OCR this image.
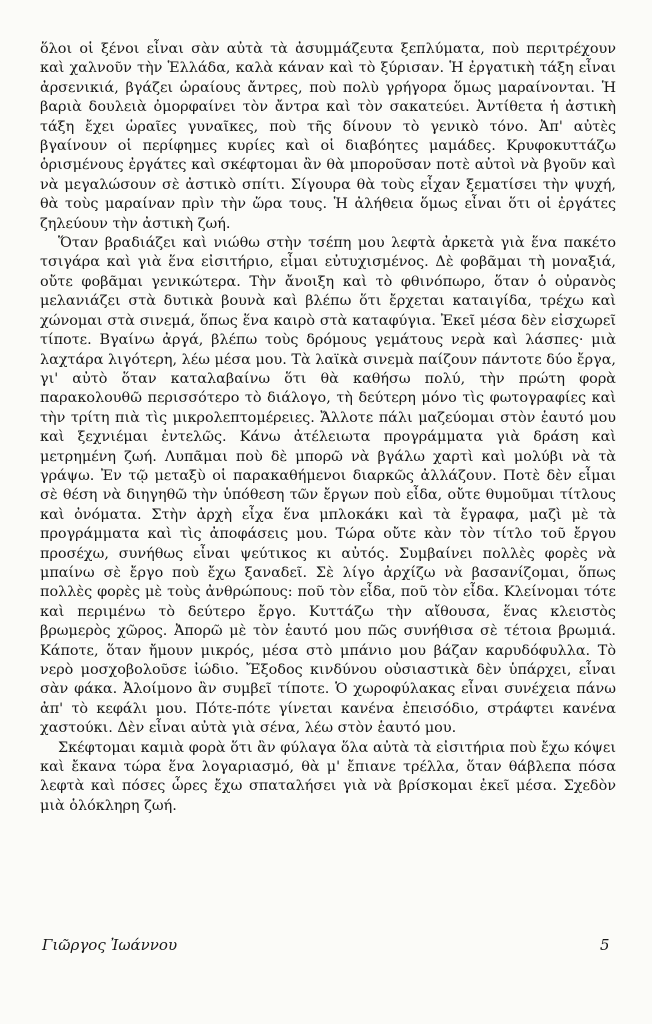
ὅλοι οἱ ξένοι εἶναι σὰν αὐτὰ τὰ ἀσυμμάζευτα ξεπλύματα, ποὺ περιτρέχουν καὶ χαλνοῦν τὴν Ἑλλάδα, καλὰ κάναν καὶ τὸ ξύρισαν. Ἡ ἐργατικὴ τάξη εἶναι ἀρσενικιά, βγάζει ὡραίους ἄντρες, ποὺ πολὺ γρήγορα ὅμως μαραίνονται. Ἡ βαριὰ δουλειὰ ὀμορφαίνει τὸν ἄντρα καὶ τὸν σακατεύει. Ἀντίθετα ἡ ἀστικὴ τάξη ἔχει ὡραῖες γυναῖκες, ποὺ τῆς δίνουν τὸ γενικὸ τόνο. Ἀπ' αὐτὲς βγαίνουν οἱ περίφημες κυρίες καὶ οἱ διαβόητες μαμάδες. Κρυφοκυττάζω ὁρισμένους ἐργάτες καὶ σκέφτομαι ἂν θὰ μποροῦσαν ποτὲ αὐτοὶ νὰ βγοῦν καὶ νὰ μεγαλώσουν σὲ ἀστικὸ σπίτι. Σίγουρα θὰ τοὺς εἶχαν ξεματίσει τὴν ψυχή, θὰ τοὺς μαραίναν πρὶν τὴν ὥρα τους. Ἡ ἀλήθεια ὅμως εἶναι ὅτι οἱ ἐργάτες ζηλεύουν τὴν ἀστικὴ ζωή.

Ὅταν βραδιάζει καὶ νιώθω στὴν τσέπη μου λεφτὰ ἀρκετὰ γιὰ ἕνα πακέτο τσιγάρα καὶ γιὰ ἕνα εἰσιτήριο, εἶμαι εὐτυχισμένος. Δὲ φοβᾶμαι τὴ μοναξιά, οὔτε φοβᾶμαι γενικώτερα. Τὴν ἄνοιξη καὶ τὸ φθινόπωρο, ὅταν ὁ οὐρανὸς μελανιάζει στὰ δυτικὰ βουνὰ καὶ βλέπω ὅτι ἔρχεται καταιγίδα, τρέχω καὶ χώνομαι στὰ σινεμά, ὅπως ἕνα καιρὸ στὰ καταφύγια. Ἐκεῖ μέσα δὲν εἰσχωρεῖ τίποτε. Βγαίνω ἀργά, βλέπω τοὺς δρόμους γεμάτους νερὰ καὶ λάσπες· μιὰ λαχτάρα λιγότερη, λέω μέσα μου. Τὰ λαϊκὰ σινεμὰ παίζουν πάντοτε δύο ἔργα, γι' αὐτὸ ὅταν καταλαβαίνω ὅτι θὰ καθήσω πολύ, τὴν πρώτη φορὰ παρακολουθῶ περισσότερο τὸ διάλογο, τὴ δεύτερη μόνο τὶς φωτογραφίες καὶ τὴν τρίτη πιὰ τὶς μικρολεπτομέρειες. Ἄλλοτε πάλι μαζεύομαι στὸν ἑαυτό μου καὶ ξεχνιέμαι ἐντελῶς. Κάνω ἀτέλειωτα προγράμματα γιὰ δράση καὶ μετρημένη ζωή. Λυπᾶμαι ποὺ δὲ μπορῶ νὰ βγάλω χαρτὶ καὶ μολύβι νὰ τὰ γράψω. Ἐν τῷ μεταξὺ οἱ παρακαθήμενοι διαρκῶς ἀλλάζουν. Ποτὲ δὲν εἶμαι σὲ θέση νὰ διηγηθῶ τὴν ὑπόθεση τῶν ἔργων ποὺ εἶδα, οὔτε θυμοῦμαι τίτλους καὶ ὀνόματα. Στὴν ἀρχὴ εἶχα ἕνα μπλοκάκι καὶ τὰ ἔγραφα, μαζὶ μὲ τὰ προγράμματα καὶ τὶς ἀποφάσεις μου. Τώρα οὔτε κὰν τὸν τίτλο τοῦ ἔργου προσέχω, συνήθως εἶναι ψεύτικος κι αὐτός. Συμβαίνει πολλὲς φορὲς νὰ μπαίνω σὲ ἔργο ποὺ ἔχω ξαναδεῖ. Σὲ λίγο ἀρχίζω νὰ βασανίζομαι, ὅπως πολλὲς φορὲς μὲ τοὺς ἀνθρώπους: ποῦ τὸν εἶδα, ποῦ τὸν εἶδα. Κλείνομαι τότε καὶ περιμένω τὸ δεύτερο ἔργο. Κυττάζω τὴν αἴθουσα, ἕνας κλειστὸς βρωμερὸς χῶρος. Ἀπορῶ μὲ τὸν ἑαυτό μου πῶς συνήθισα σὲ τέτοια βρωμιά. Κάποτε, ὅταν ἤμουν μικρός, μέσα στὸ μπάνιο μου βάζαν καρυδόφυλλα. Τὸ νερὸ μοσχοβολοῦσε ἰώδιο. Ἔξοδος κινδύνου οὐσιαστικὰ δὲν ὑπάρχει, εἶναι σὰν φάκα. Ἀλοίμονο ἂν συμβεῖ τίποτε. Ὁ χωροφύλακας εἶναι συνέχεια πάνω ἀπ' τὸ κεφάλι μου. Πότε-πότε γίνεται κανένα ἐπεισόδιο, στράφτει κανένα χαστούκι. Δὲν εἶναι αὐτὰ γιὰ σένα, λέω στὸν ἑαυτό μου.

Σκέφτομαι καμιὰ φορὰ ὅτι ἂν φύλαγα ὅλα αὐτὰ τὰ εἰσιτήρια ποὺ ἔχω κόψει καὶ ἔκανα τώρα ἕνα λογαριασμό, θὰ μ' ἔπιανε τρέλλα, ὅταν θάβλεπα πόσα λεφτὰ καὶ πόσες ὧρες ἔχω σπαταλήσει γιὰ νὰ βρίσκομαι ἐκεῖ μέσα. Σχεδὸν μιὰ ὁλόκληρη ζωή.

Γιῶργος Ἰωάννου	5
